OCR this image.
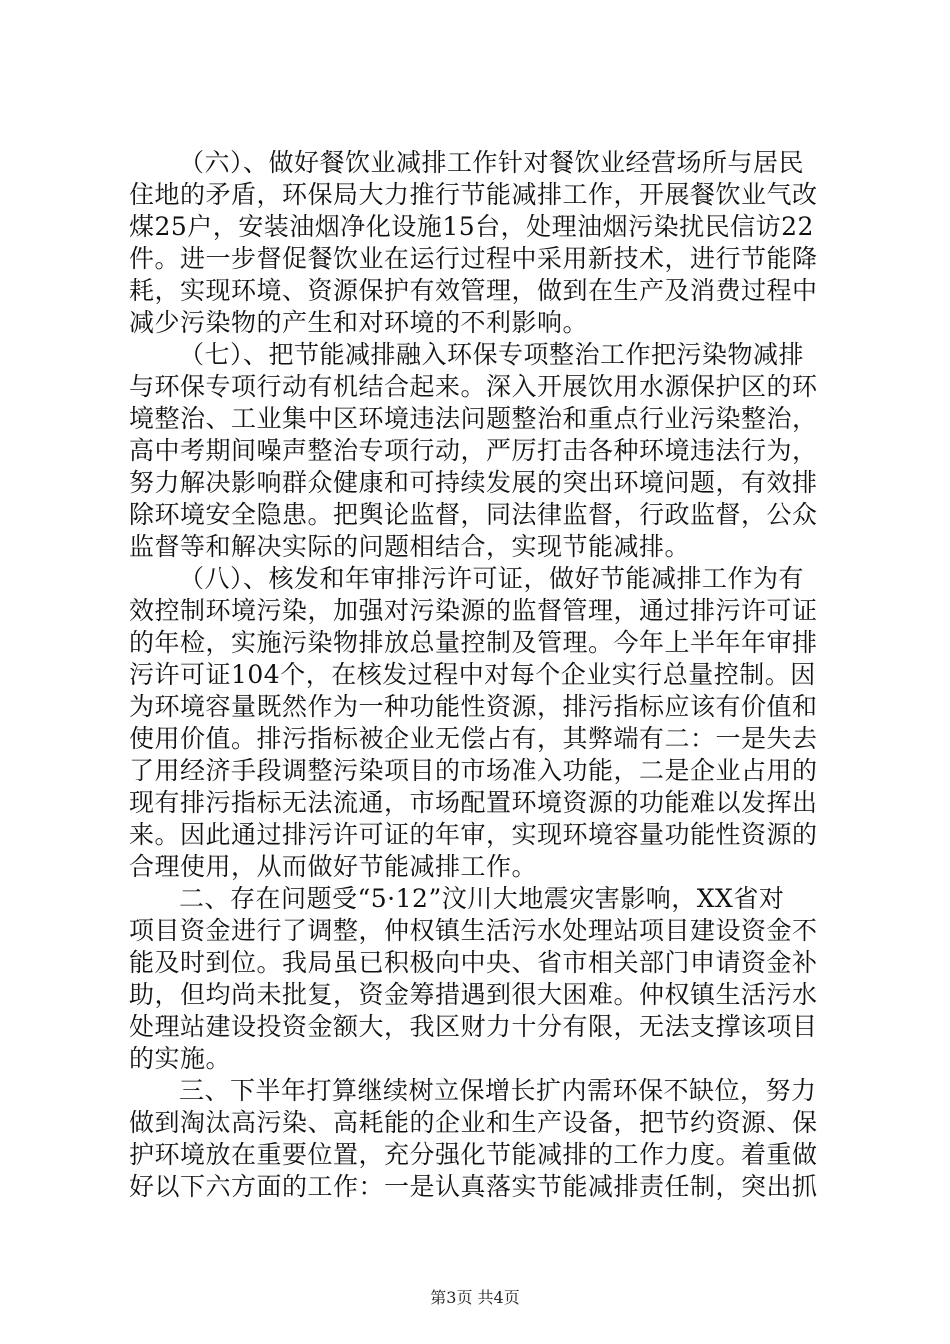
（六）、做好餐饮业减排工作针对餐饮业经营场所与居民
住地的矛盾，环保局大力推行节能减排工作，开展餐饮业气改
煤25户，安装油烟净化设施15台，处理油烟污染扰民信访22
件。进一步督促餐饮业在运行过程中采用新技术，进行节能降
耗，实现环境、资源保护有效管理，做到在生产及消费过程中
减少污染物的产生和对环境的不利影响。
（七）、把节能减排融入环保专项整治工作把污染物减排
与环保专项行动有机结合起来。深入开展饮用水源保护区的环
境整治、工业集中区环境违法问题整治和重点行业污染整治，
高中考期间噪声整治专项行动，严厉打击各种环境违法行为，
努力解决影响群众健康和可持续发展的突出环境问题，有效排
除环境安全隐患。把舆论监督，同法律监督，行政监督，公众
监督等和解决实际的问题相结合，实现节能减排。
（八）、核发和年审排污许可证，做好节能减排工作为有
效控制环境污染，加强对污染源的监督管理，通过排污许可证
的年检，实施污染物排放总量控制及管理。今年上半年年审排
污许可证104个，在核发过程中对每个企业实行总量控制。因
为环境容量既然作为一种功能性资源，排污指标应该有价值和
使用价值。排污指标被企业无偿占有，其弊端有二：一是失去
了用经济手段调整污染项目的市场准入功能，二是企业占用的
现有排污指标无法流通，市场配置环境资源的功能难以发挥出
来。因此通过排污许可证的年审，实现环境容量功能性资源的
合理使用，从而做好节能减排工作。
二、存在问题受“5·12”汶川大地震灾害影响，XX省对
项目资金进行了调整，仲权镇生活污水处理站项目建设资金不
能及时到位。我局虽已积极向中央、省市相关部门申请资金补
助，但均尚未批复，资金筹措遇到很大困难。仲权镇生活污水
处理站建设投资金额大，我区财力十分有限，无法支撑该项目
的实施。
三、下半年打算继续树立保增长扩内需环保不缺位，努力
做到淘汰高污染、高耗能的企业和生产设备，把节约资源、保
护环境放在重要位置，充分强化节能减排的工作力度。着重做
好以下六方面的工作：一是认真落实节能减排责任制，突出抓
第3页 共4页
